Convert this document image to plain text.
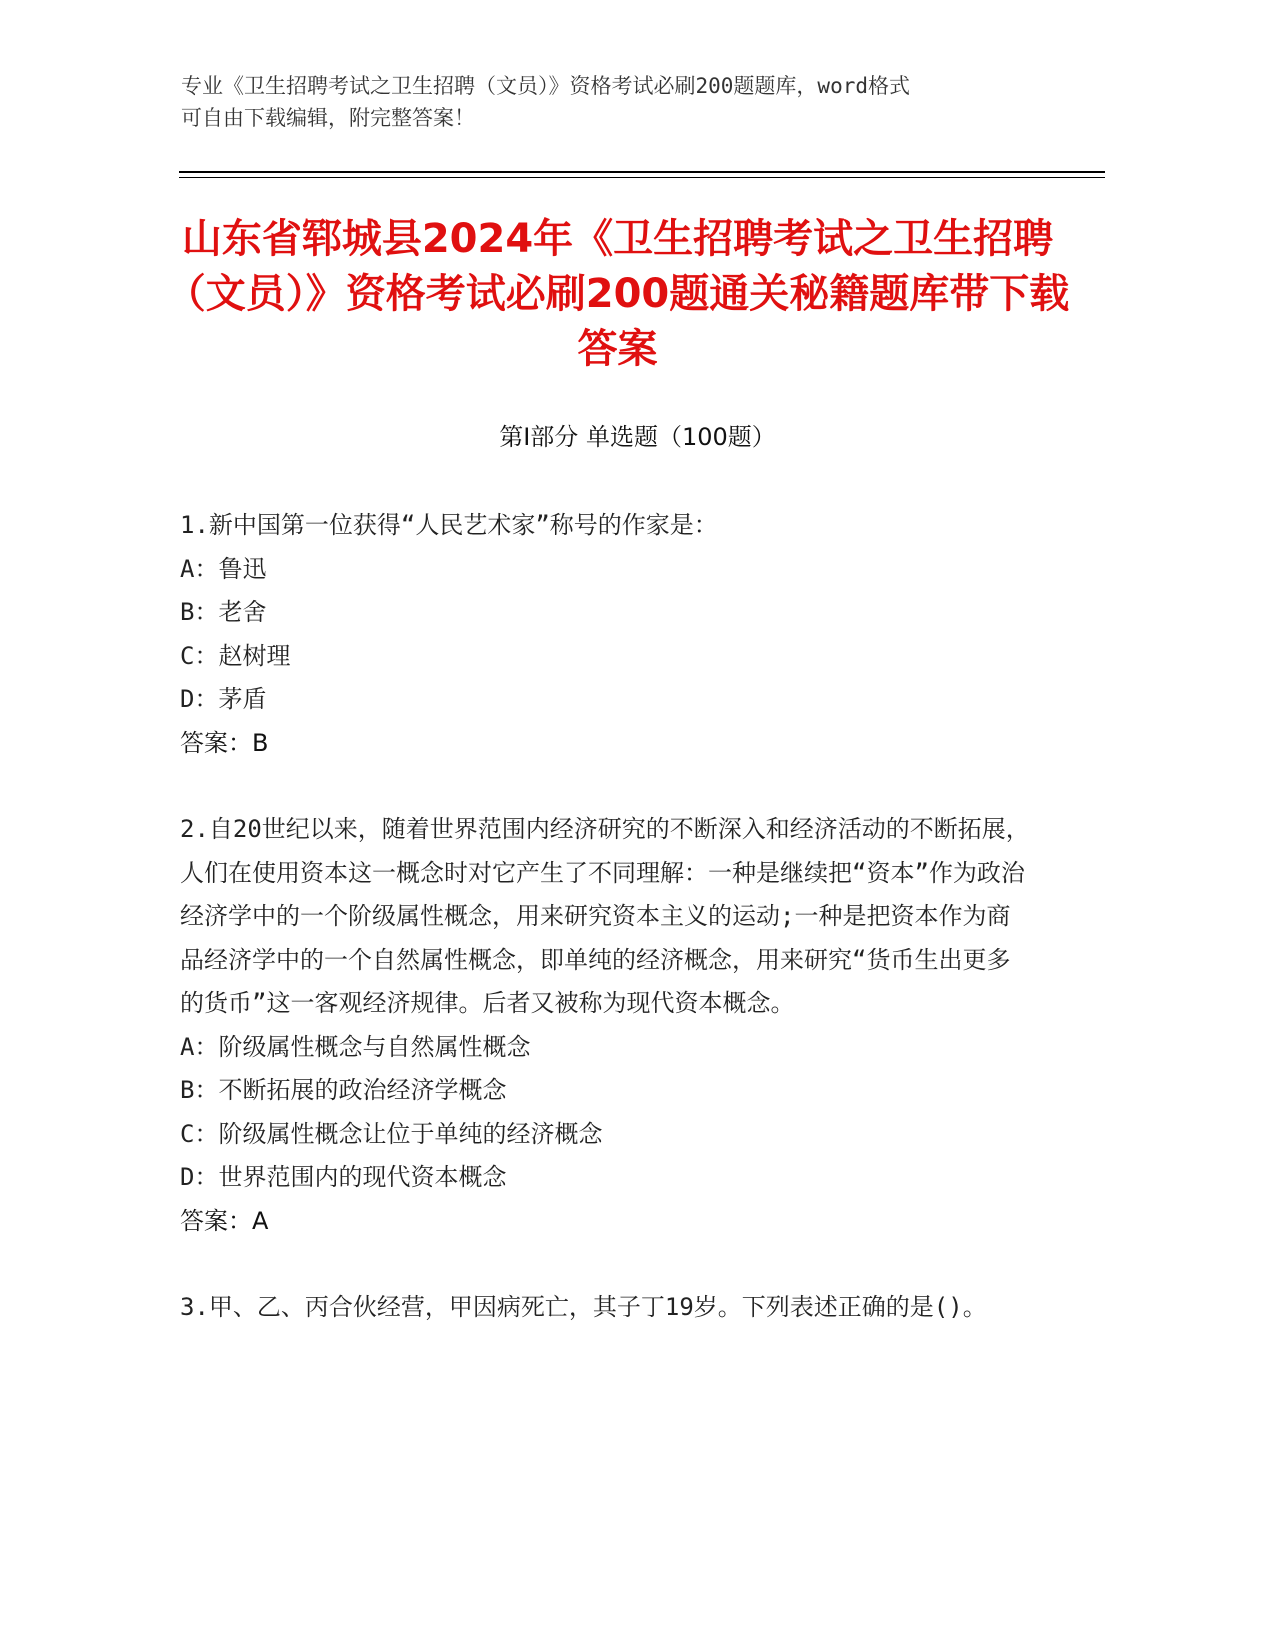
专业《卫生招聘考试之卫生招聘（文员）》资格考试必刷200题题库，word格式
可自由下载编辑，附完整答案！
山东省郓城县2024年《卫生招聘考试之卫生招聘（文员）》资格考试必刷200题通关秘籍题库带下载答案
第Ⅰ部分 单选题（100题）

1.新中国第一位获得“人民艺术家”称号的作家是：

A：鲁迅

B：老舍

C：赵树理

D：茅盾

答案：B

2.自20世纪以来，随着世界范围内经济研究的不断深入和经济活动的不断拓展，人们在使用资本这一概念时对它产生了不同理解：一种是继续把“资本”作为政治经济学中的一个阶级属性概念，用来研究资本主义的运动;一种是把资本作为商品经济学中的一个自然属性概念，即单纯的经济概念，用来研究“货币生出更多的货币”这一客观经济规律。后者又被称为现代资本概念。

A：阶级属性概念与自然属性概念

B：不断拓展的政治经济学概念

C：阶级属性概念让位于单纯的经济概念

D：世界范围内的现代资本概念

答案：A

3.甲、乙、丙合伙经营，甲因病死亡，其子丁19岁。下列表述正确的是()。
